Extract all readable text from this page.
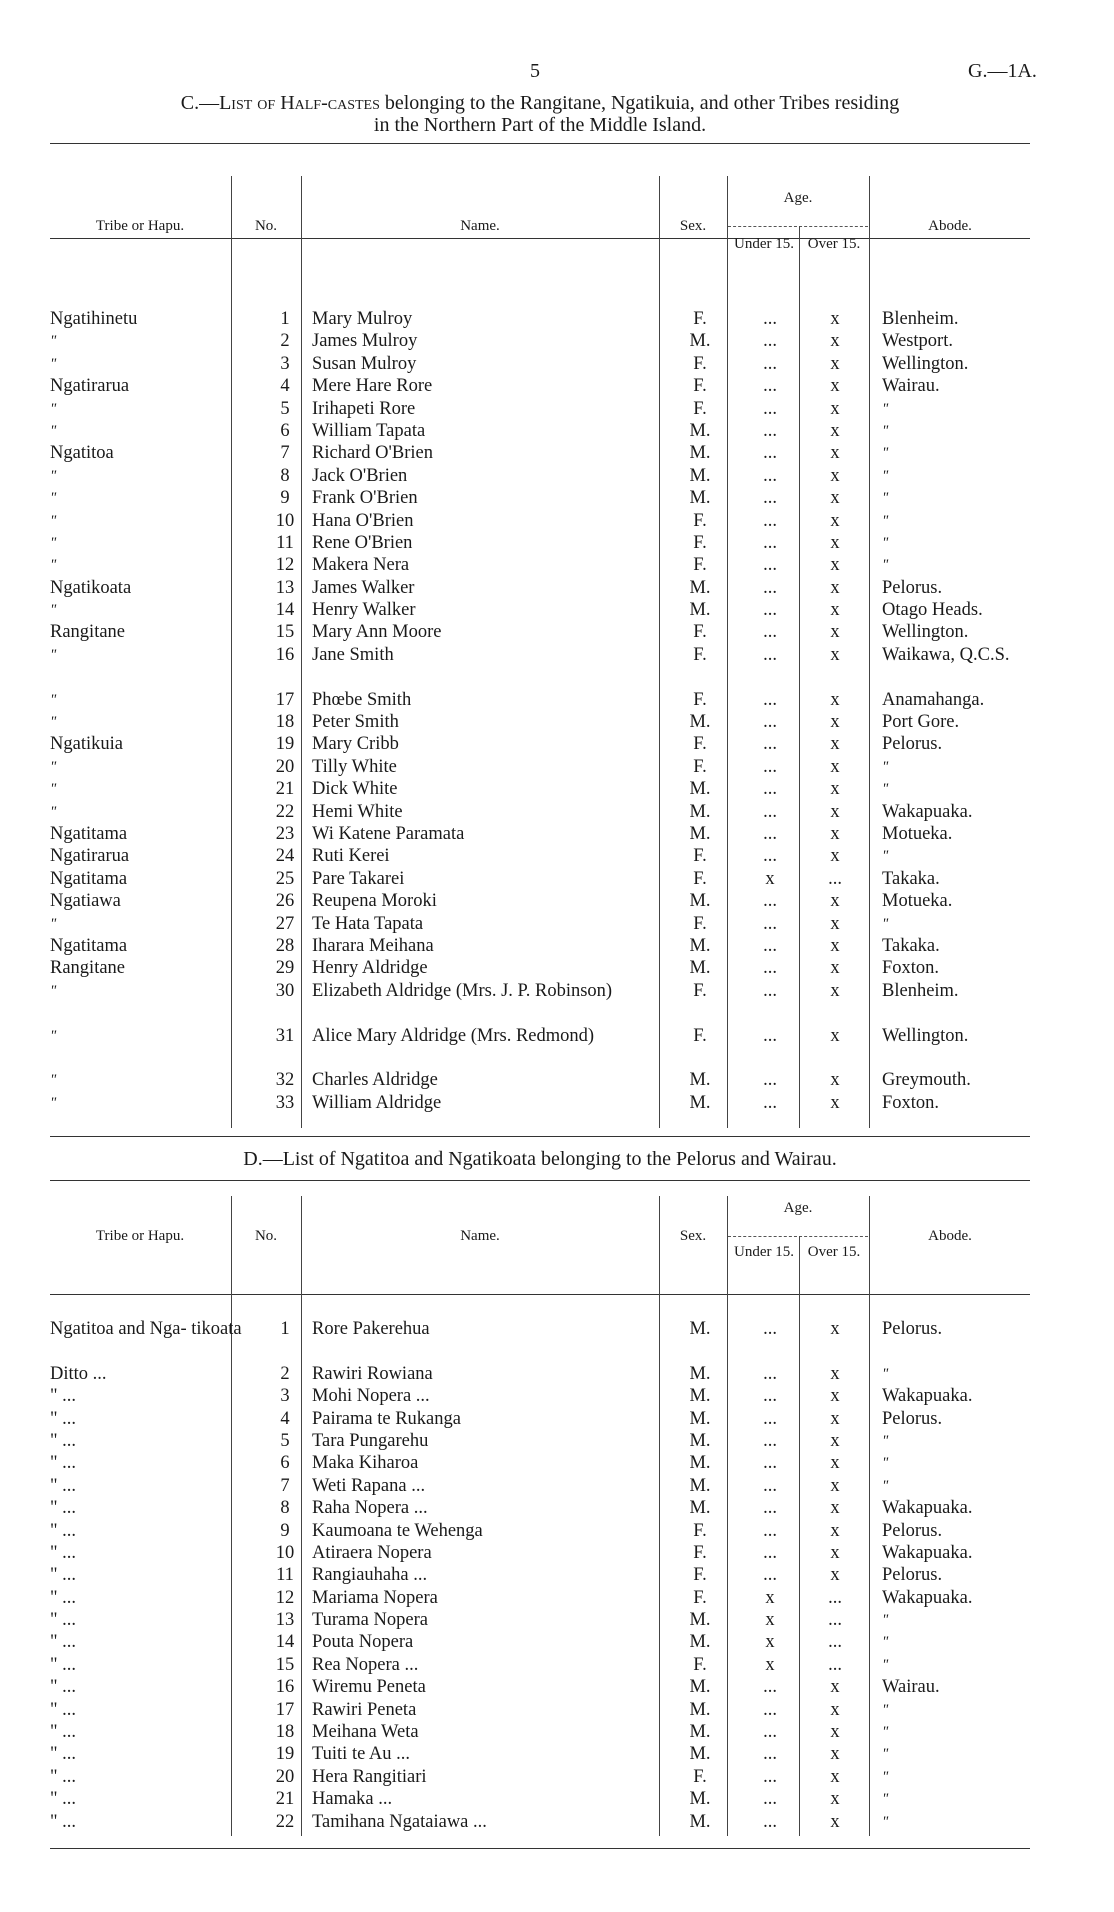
5	G.—1A.
C.—List of Half-castes belonging to the Rangitane, Ngatikuia, and other Tribes residing
in the Northern Part of the Middle Island.
Tribe or Hapu.	No.	Name.	Sex.
Age.
Under 15. Over 15.
Abode.
Ngatihinetu	1	Mary Mulroy	F.	...	x	Blenheim.
"	2	James Mulroy	M.	...	x	Westport.
"	3	Susan Mulroy	F.	...	x	Wellington.
Ngatirarua	4	Mere Hare Rore	F.	...	x	Wairau.
"	5	Irihapeti Rore	F.	...	x	"
"	6	William Tapata	M.	...	x	"
Ngatitoa	7	Richard O'Brien	M.	...	x	"
"	8	Jack O'Brien	M.	...	x	"
"	9	Frank O'Brien	M.	...	x	"
"	10 Hana O'Brien	F.	...	x	"
"	11 Rene O'Brien	F.	...	x	"
"	12 Makera Nera	F.	...	x	"
Ngatikoata	13 James Walker	M.	...	x	Pelorus.
"	14 Henry Walker	M.	...	x	Otago Heads.
Rangitane	15 Mary Ann Moore	F.	...	x	Wellington.
"	16 Jane Smith	F.	...	x	Waikawa, Q.C.S.
"	17 Phœbe Smith	F.	...	x	Anamahanga.
"	18 Peter Smith	M.	...	x	Port Gore.
Ngatikuia	19 Mary Cribb	F.	...	x	Pelorus.
"	20 Tilly White	F.	...	x	"
"	21 Dick White	M.	...	x	"
"	22 Hemi White	M.	...	x	Wakapuaka.
Ngatitama	23 Wi Katene Paramata	M.	...	x	Motueka.
Ngatirarua	24 Ruti Kerei	F.	...	x	"
Ngatitama	25 Pare Takarei	F.	x	...	Takaka.
Ngatiawa	26 Reupena Moroki	M.	...	x	Motueka.
"	27 Te Hata Tapata	F.	...	x	"
Ngatitama	28 Iharara Meihana	M.	...	x	Takaka.
Rangitane	29 Henry Aldridge	M.	...	x	Foxton.
"	30 Elizabeth Aldridge (Mrs. J. P. Robinson)	F.	...	x	Blenheim.
"	31 Alice Mary Aldridge (Mrs. Redmond)	F.	...	x	Wellington.
"	32 Charles Aldridge	M.	...	x	Greymouth.
"	33 William Aldridge	M.	...	x	Foxton.
D.—List of Ngatitoa and Ngatikoata belonging to the Pelorus and Wairau.
Tribe or Hapu.	No.	Name.	Sex.
Age.
Under 15. Over 15.
Abode.
Ngatitoa and Nga- tikoata	1	Rore Pakerehua	M.	...	x	Pelorus.
Ditto ...	2	Rawiri Rowiana	M.	...	x	"
" ...	3	Mohi Nopera ...	M.	...	x	Wakapuaka.
" ...	4	Pairama te Rukanga	M.	...	x	Pelorus.
" ...	5	Tara Pungarehu	M.	...	x	"
" ...	6	Maka Kiharoa	M.	...	x	"
" ...	7	Weti Rapana ...	M.	...	x	"
" ...	8	Raha Nopera ...	M.	...	x	Wakapuaka.
" ...	9	Kaumoana te Wehenga	F.	...	x	Pelorus.
" ...	10 Atiraera Nopera	F.	...	x	Wakapuaka.
" ...	11 Rangiauhaha ...	F.	...	x	Pelorus.
" ...	12 Mariama Nopera	F.	x	...	Wakapuaka.
" ...	13 Turama Nopera	M.	x	...	"
" ...	14 Pouta Nopera	M.	x	...	"
" ...	15 Rea Nopera ...	F.	x	...	"
" ...	16 Wiremu Peneta	M.	...	x	Wairau.
" ...	17 Rawiri Peneta	M.	...	x	"
" ...	18 Meihana Weta	M.	...	x	"
" ...	19 Tuiti te Au ...	M.	...	x	"
" ...	20 Hera Rangitiari	F.	...	x	"
" ...	21 Hamaka ...	M.	...	x	"
" ...	22 Tamihana Ngataiawa ...	M.	...	x	"
